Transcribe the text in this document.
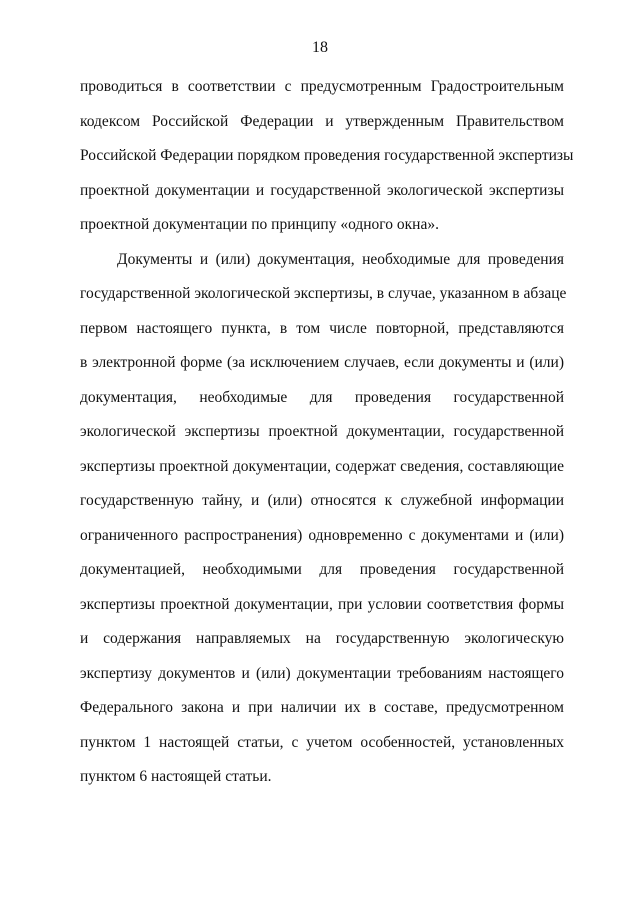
18
проводиться в соответствии с предусмотренным Градостроительным
кодексом Российской Федерации и утвержденным Правительством
Российской Федерации порядком проведения государственной экспертизы
проектной документации и государственной экологической экспертизы
проектной документации по принципу «одного окна».
Документы и (или) документация, необходимые для проведения
государственной экологической экспертизы, в случае, указанном в абзаце
первом настоящего пункта, в том числе повторной, представляются
в электронной форме (за исключением случаев, если документы и (или)
документация, необходимые для проведения государственной
экологической экспертизы проектной документации, государственной
экспертизы проектной документации, содержат сведения, составляющие
государственную тайну, и (или) относятся к служебной информации
ограниченного распространения) одновременно с документами и (или)
документацией, необходимыми для проведения государственной
экспертизы проектной документации, при условии соответствия формы
и содержания направляемых на государственную экологическую
экспертизу документов и (или) документации требованиям настоящего
Федерального закона и при наличии их в составе, предусмотренном
пунктом 1 настоящей статьи, с учетом особенностей, установленных
пунктом 6 настоящей статьи.
